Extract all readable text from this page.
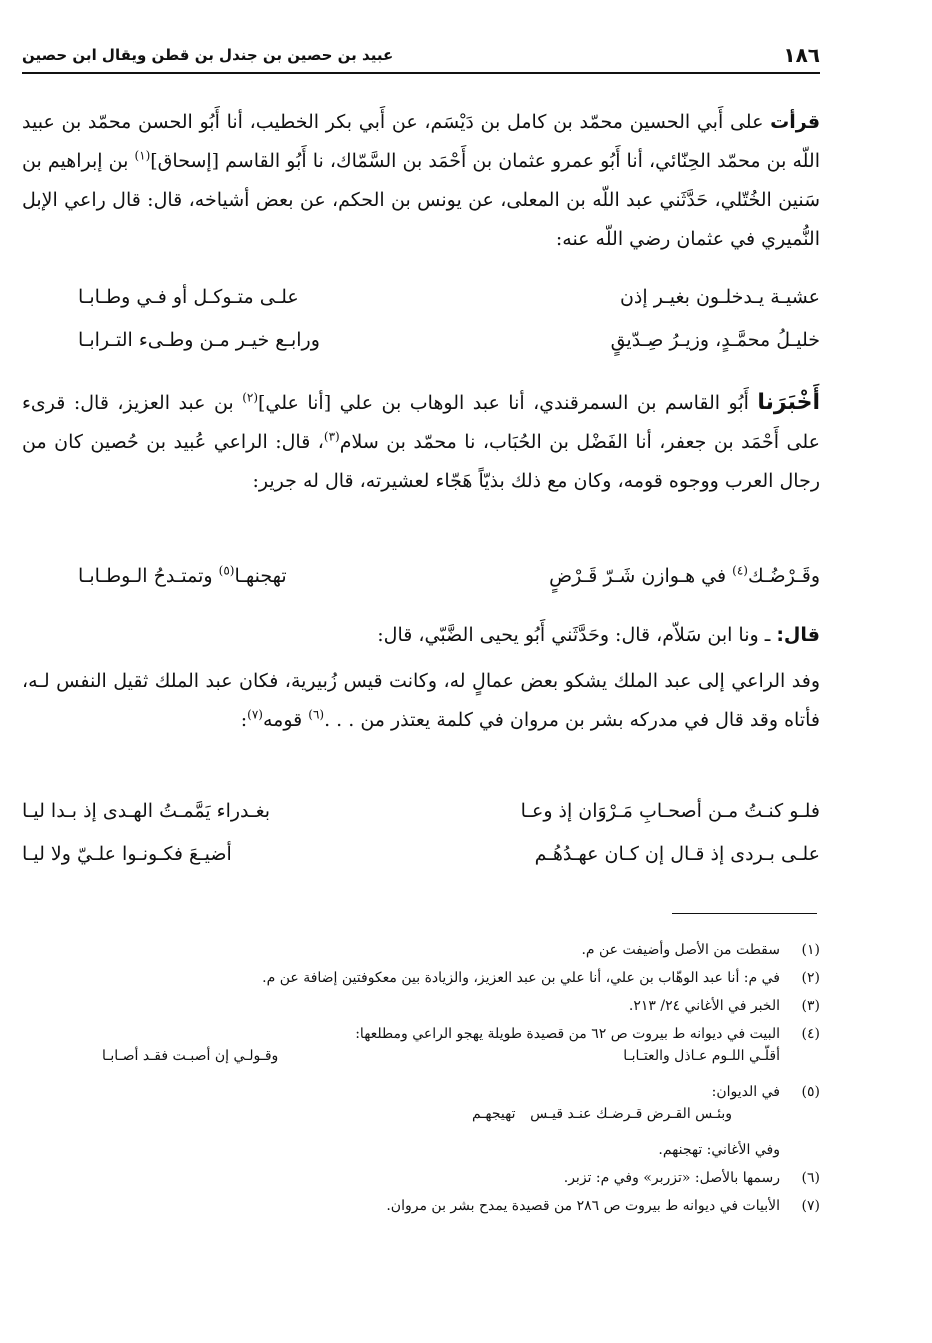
١٨٦
عبيد بن حصين بن جندل بن قطن ويقال ابن حصين

قرأت على أَبي الحسين محمّد بن كامل بن دَيْسَم، عن أَبي بكر الخطيب، أنا أَبُو الحسن محمّد بن عبيد اللّه بن محمّد الحِنّائي، أنا أَبُو عمرو عثمان بن أَحْمَد بن السَّمّاك، نا أَبُو القاسم [إسحاق]$^{(١)}$ بن إبراهيم بن سَنين الخُتّلي، حَدَّثَني عبد اللّه بن المعلى، عن يونس بن الحكم، عن بعض أشياخه، قال: قال راعي الإبل النُّميري في عثمان رضي اللّه عنه:

عشيـة يـدخلـون بغيـر إذن
علـى متـوكـل أو فـي وطـابـا
خليـلُ محمَّـدٍ، وزيـرُ صِـدّيقٍ
ورابـع خيـر مـن وطـىء التـرابـا

أَخْبَرَنا أَبُو القاسم بن السمرقندي، أنا عبد الوهاب بن علي [أنا علي]$^{(٢)}$ بن عبد العزيز، قال: قرىء على أَحْمَد بن جعفر، أنا الفَضْل بن الحُبَاب، نا محمّد بن سلام$^{(٣)}$، قال: الراعي عُبيد بن حُصين كان من رجال العرب ووجوه قومه، وكان مع ذلك بذيّاً هَجّاء لعشيرته، قال له جرير:

وقَـرْضُـك$^{(٤)}$ في هـوازن شَـرّ قَـرْضٍ
تهجنهـا$^{(٥)}$ وتمتـدحُ الـوطـابـا

قال: ـ ونا ابن سَلاّم، قال: وحَدَّثَني أَبُو يحيى الضَّبّي، قال:

وفد الراعي إلى عبد الملك يشكو بعض عمالٍ له، وكانت قيس زُبيرية، فكان عبد الملك ثقيل النفس لـه، فأتاه وقد قال في مدركه بشر بن مروان في كلمة يعتذر من . . .$^{(٦)}$ قومه$^{(٧)}$:

فلـو كنـتُ مـن أصحـابِ مَـرْوَان إذ وعـا
بغـدراء يَمَّمـتُ الهـدى إذ بـدا ليـا
علـى بـردى إذ قـال إن كـان عهـدُهُـم
أضيـعَ فكـونـوا علـيّ ولا ليـا
(١)سقطت من الأصل وأضيفت عن م.
(٢)في م: أنا عبد الوهّاب بن علي، أنا علي بن عبد العزيز، والزيادة بين معكوفتين إضافة عن م.
(٣)الخبر في الأغاني ٢٤/ ٢١٣.
(٤)البيت في ديوانه ط بيروت ص ٦٢ من قصيدة طويلة يهجو الراعي ومطلعها:
أقلّـي اللـوم عـاذل والعتـابـا
وقـولـي إن أصبـت فقـد أصـابـا
(٥)في الديوان:
وبئـس القـرض قـرضـك عنـد قيـس
تهيجهـم
وفي الأغاني: تهجنهم.
(٦)رسمها بالأصل: «تزربر» وفي م: تزبر.
(٧)الأبيات في ديوانه ط بيروت ص ٢٨٦ من قصيدة يمدح بشر بن مروان.
